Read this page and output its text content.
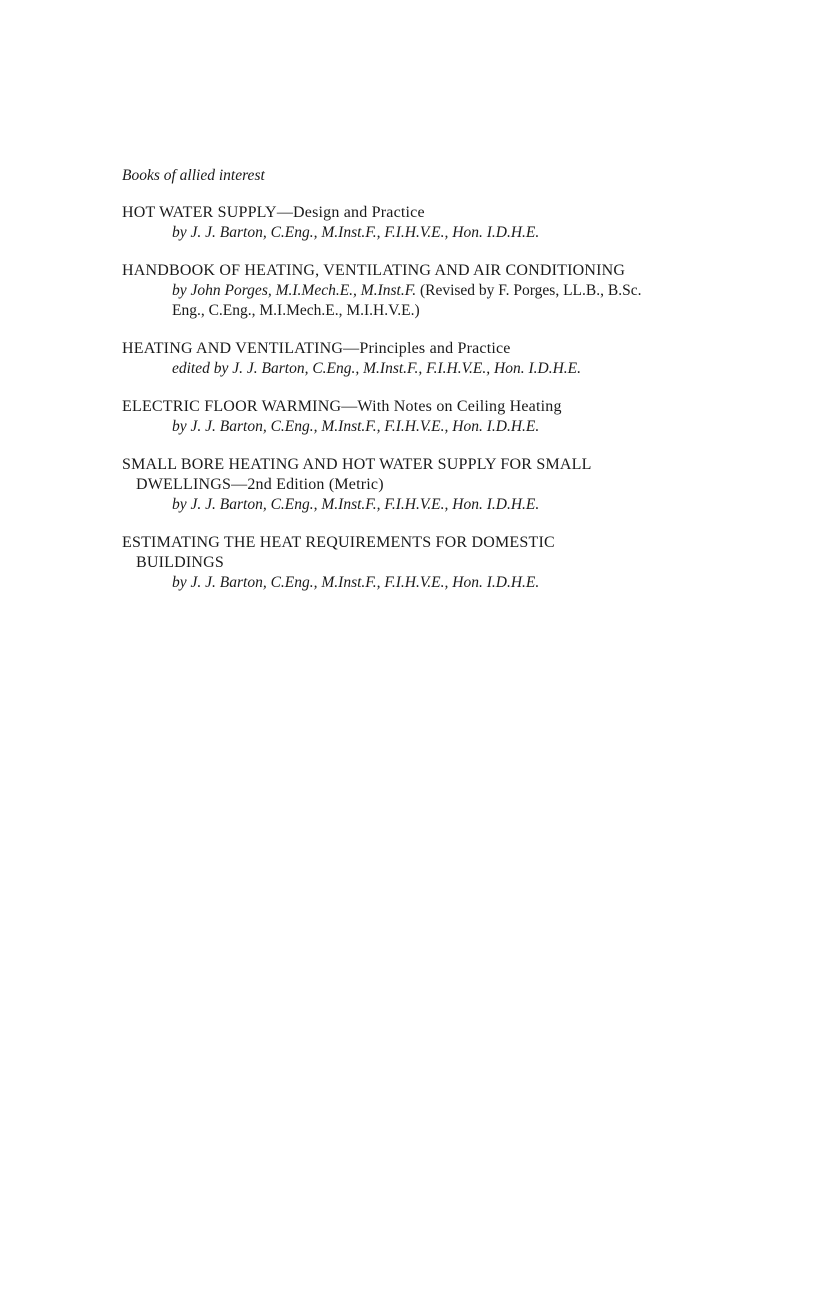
Books of allied interest
HOT WATER SUPPLY—Design and Practice
by J. J. Barton, C.Eng., M.Inst.F., F.I.H.V.E., Hon. I.D.H.E.
HANDBOOK OF HEATING, VENTILATING AND AIR CONDITIONING
by John Porges, M.I.Mech.E., M.Inst.F. (Revised by F. Porges, LL.B., B.Sc.
Eng., C.Eng., M.I.Mech.E., M.I.H.V.E.)
HEATING AND VENTILATING—Principles and Practice
edited by J. J. Barton, C.Eng., M.Inst.F., F.I.H.V.E., Hon. I.D.H.E.
ELECTRIC FLOOR WARMING—With Notes on Ceiling Heating
by J. J. Barton, C.Eng., M.Inst.F., F.I.H.V.E., Hon. I.D.H.E.
SMALL BORE HEATING AND HOT WATER SUPPLY FOR SMALL
DWELLINGS—2nd Edition (Metric)
by J. J. Barton, C.Eng., M.Inst.F., F.I.H.V.E., Hon. I.D.H.E.
ESTIMATING THE HEAT REQUIREMENTS FOR DOMESTIC
BUILDINGS
by J. J. Barton, C.Eng., M.Inst.F., F.I.H.V.E., Hon. I.D.H.E.
